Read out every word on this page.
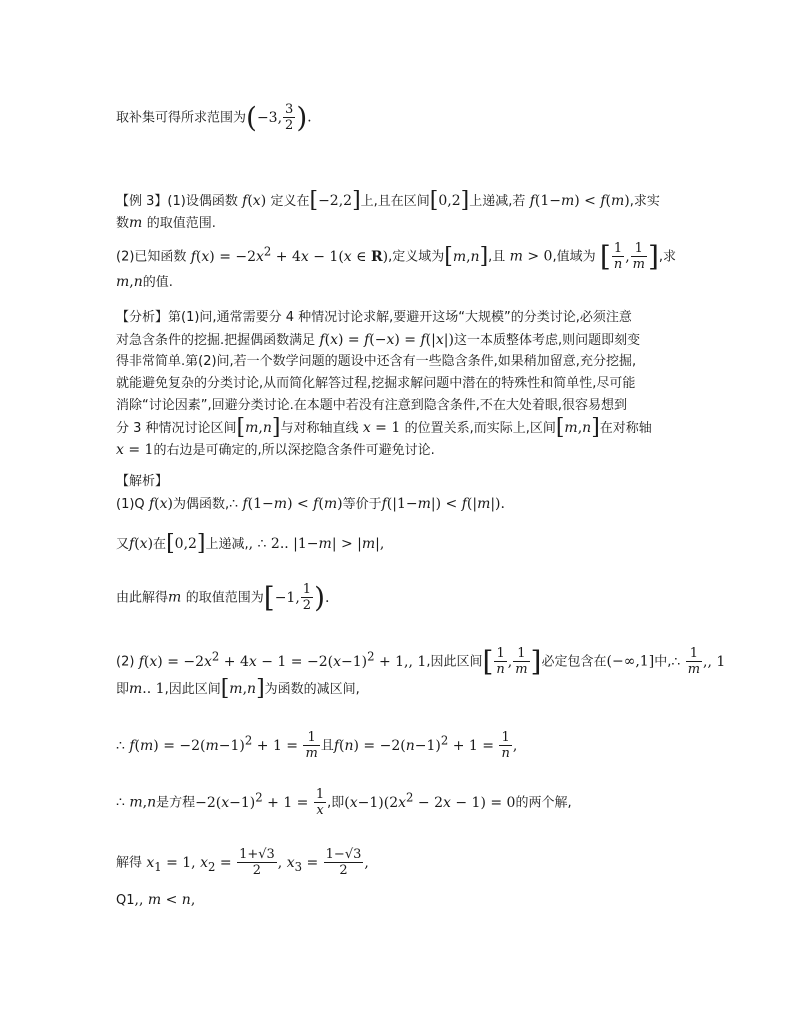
取补集可得所求范围为(−3, $\frac{3}{2}$ ).
【例 3】(1)设偶函数 f(x) 定义在[−2,2]上,且在区间[0,2]上递减,若 f(1−m) < f(m),求实
数m 的取值范围.
(2)已知函数 $f(x) = -2x^2 + 4x - 1(x$ ∈ R),定义域为[m,n],且 m > 0,值域为 [ $\frac{1}{n}$ , $\frac{1}{m}$ ],求
m,n的值.
【分析】第(1)问,通常需要分 4 种情况讨论求解,要避开这场“大规模”的分类讨论,必须注意
对急含条件的挖掘.把握偶函数满足 f(x) = f(−x) = f(|x|)这一本质整体考虑,则问题即刻变
得非常简单.第(2)问,若一个数学问题的题设中还含有一些隐含条件,如果稍加留意,充分挖掘,
就能避免复杂的分类讨论,从而简化解答过程,挖掘求解问题中潜在的特殊性和简单性,尽可能
消除“讨论因素”,回避分类讨论.在本题中若没有注意到隐含条件,不在大处着眼,很容易想到
分 3 种情况讨论区间[m,n]与对称轴直线 x = 1 的位置关系,而实际上,区间[m,n]在对称轴
x = 1的右边是可确定的,所以深挖隐含条件可避免讨论.
【解析】
(1)Q f(x)为偶函数,∴ f(1−m) < f(m)等价于f(|1−m|) < f(|m|).
又f(x)在[0,2]上递减,, ∴ 2.. |1−m| > |m|,
由此解得m 的取值范围为[−1, $\frac{1}{2}$ ).
(2) $f(x) = -2x^2 + 4x - 1 = -2(x-1)^2 + 1$,, 1,因此区间[ $\frac{1}{n}$ , $\frac{1}{m}$ ]必定包含在(−∞,1]中,∴ $\frac{1}{m}$ ,, 1
即m.. 1,因此区间[m,n]为函数的减区间,
∴ $f(m) = -2(m-1)^2 + 1 = \frac{1}{m}$ 且$f(n) = -2(n-1)^2 + 1 = \frac{1}{n}$ ,
∴ m,n是方程$-2(x-1)^2 + 1 = \frac{1}{x}$ ,即$(x-1)(2x^2 - 2x - 1) = 0$的两个解,
解得 $x_1 = 1$, $x_2 = \frac{1+√3}{2}$ , $x_3 = \frac{1-√3}{2}$ ,
Q1,, m < n,
